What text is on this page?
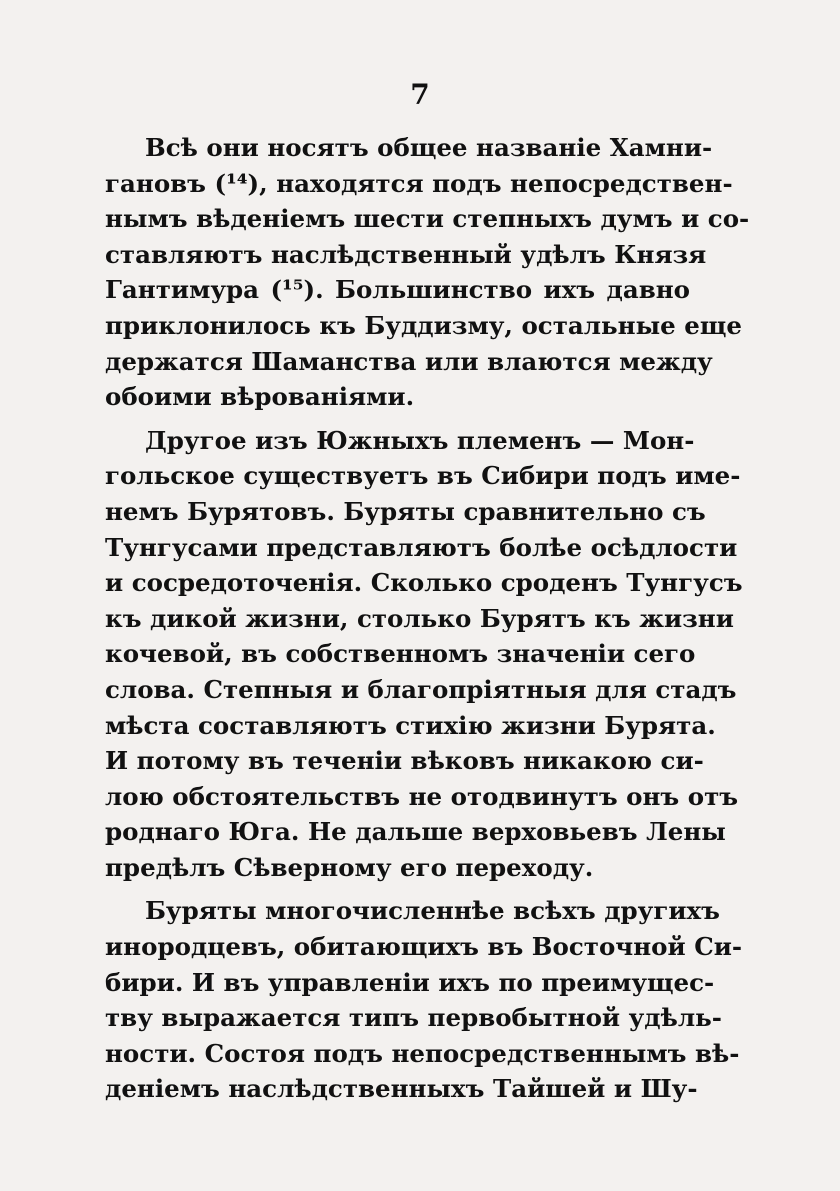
7
Всѣ они носятъ общее названіе Хамни-
гановъ (¹⁴), находятся подъ непосредствен-
нымъ вѣденіемъ шести степныхъ думъ и со-
ставляютъ наслѣдственный удѣлъ Князя
Гантимура (¹⁵). Большинство ихъ давно
приклонилось къ Буддизму, остальные еще
держатся Шаманства или влаются между
обоими вѣрованіями.
Другое изъ Южныхъ племенъ — Мон-
гольское существуетъ въ Сибири подъ име-
немъ Бурятовъ. Буряты сравнительно съ
Тунгусами представляютъ болѣе осѣдлости
и сосредоточенія. Сколько сроденъ Тунгусъ
къ дикой жизни, столько Бурятъ къ жизни
кочевой, въ собственномъ значеніи сего
слова. Степныя и благопріятныя для стадъ
мѣста составляютъ стихію жизни Бурята.
И потому въ теченіи вѣковъ никакою си-
лою обстоятельствъ не отодвинутъ онъ отъ
роднаго Юга. Не дальше верховьевъ Лены
предѣлъ Сѣверному его переходу.
Буряты многочисленнѣе всѣхъ другихъ
инородцевъ, обитающихъ въ Восточной Си-
бири. И въ управленіи ихъ по преимущес-
тву выражается типъ первобытной удѣль-
ности. Состоя подъ непосредственнымъ вѣ-
деніемъ наслѣдственныхъ Тайшей и Шу-
